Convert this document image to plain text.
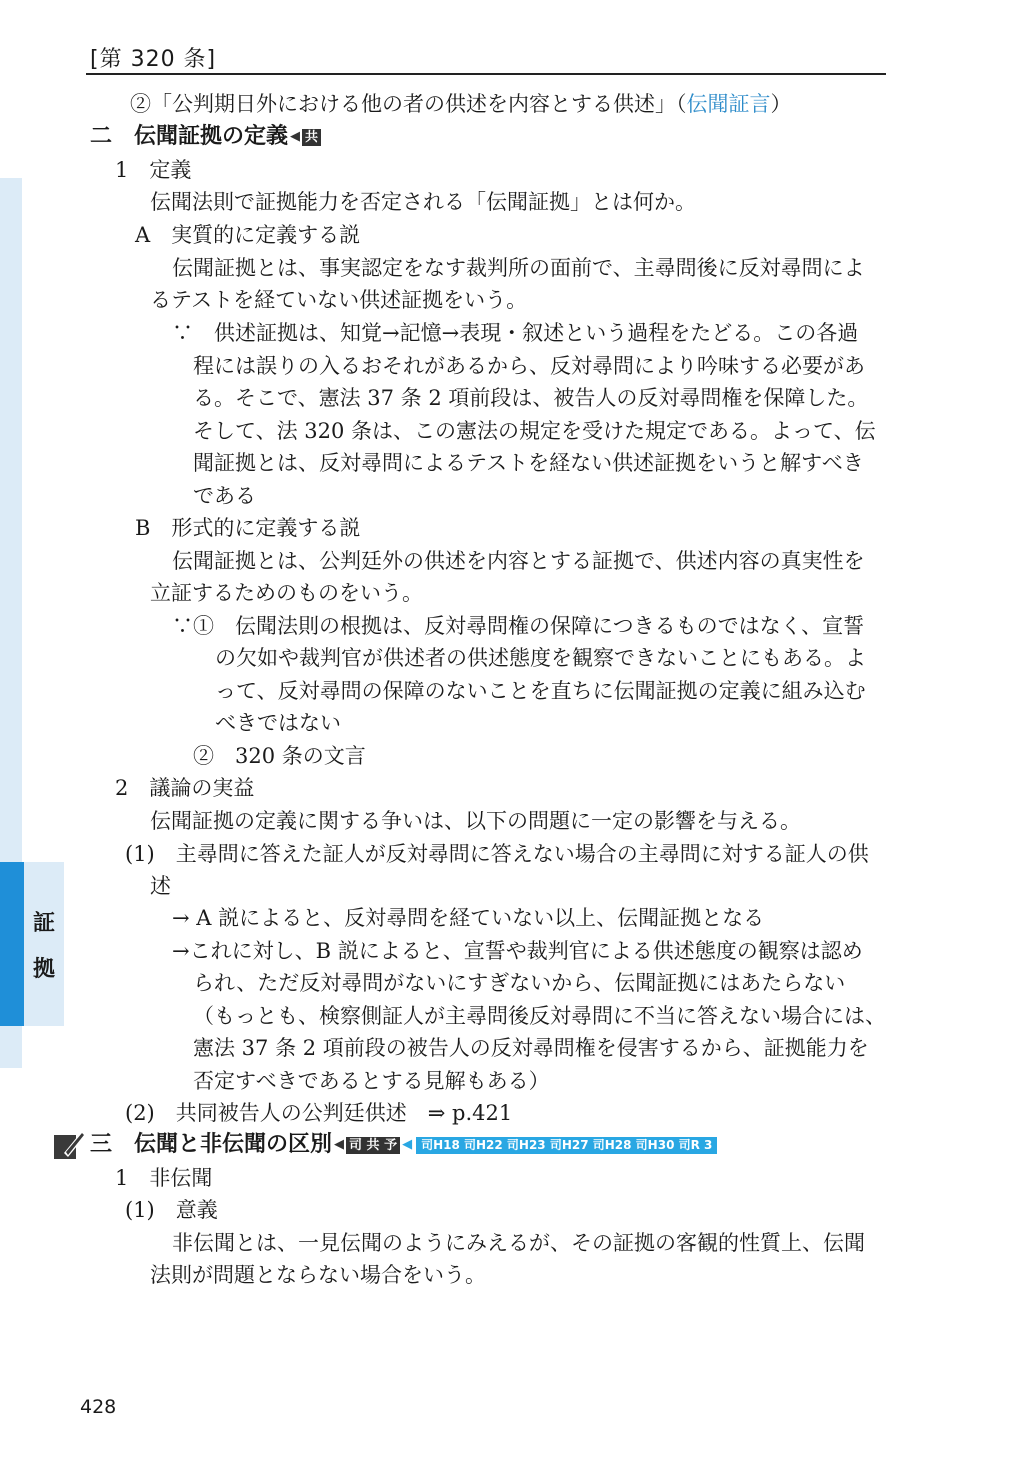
[第 320 条]
証
拠
②「公判期日外における他の者の供述を内容とする供述」（伝聞証言）
二　伝聞証拠の定義 ◀ 共
1　定義
伝聞法則で証拠能力を否定される「伝聞証拠」とは何か。
A　実質的に定義する説
伝聞証拠とは、事実認定をなす裁判所の面前で、主尋問後に反対尋問によ
るテストを経ていない供述証拠をいう。
∵　供述証拠は、知覚→記憶→表現・叙述という過程をたどる。この各過
程には誤りの入るおそれがあるから、反対尋問により吟味する必要があ
る。そこで、憲法 37 条 2 項前段は、被告人の反対尋問権を保障した。
そして、法 320 条は、この憲法の規定を受けた規定である。よって、伝
聞証拠とは、反対尋問によるテストを経ない供述証拠をいうと解すべき
である
B　形式的に定義する説
伝聞証拠とは、公判廷外の供述を内容とする証拠で、供述内容の真実性を
立証するためのものをいう。
∵①　伝聞法則の根拠は、反対尋問権の保障につきるものではなく、宣誓
の欠如や裁判官が供述者の供述態度を観察できないことにもある。よ
って、反対尋問の保障のないことを直ちに伝聞証拠の定義に組み込む
べきではない
②　320 条の文言
2　議論の実益
伝聞証拠の定義に関する争いは、以下の問題に一定の影響を与える。
(1)　主尋問に答えた証人が反対尋問に答えない場合の主尋問に対する証人の供
述
→ A 説によると、反対尋問を経ていない以上、伝聞証拠となる
→これに対し、B 説によると、宣誓や裁判官による供述態度の観察は認め
られ、ただ反対尋問がないにすぎないから、伝聞証拠にはあたらない
（もっとも、検察側証人が主尋問後反対尋問に不当に答えない場合には、
憲法 37 条 2 項前段の被告人の反対尋問権を侵害するから、証拠能力を
否定すべきであるとする見解もある）
(2)　共同被告人の公判廷供述　⇒ p.421
三　伝聞と非伝聞の区別 ◀ 司 共 予 ◀ 司H18 司H22 司H23 司H27 司H28 司H30 司R 3
1　非伝聞
(1)　意義
非伝聞とは、一見伝聞のようにみえるが、その証拠の客観的性質上、伝聞
法則が問題とならない場合をいう。
428
